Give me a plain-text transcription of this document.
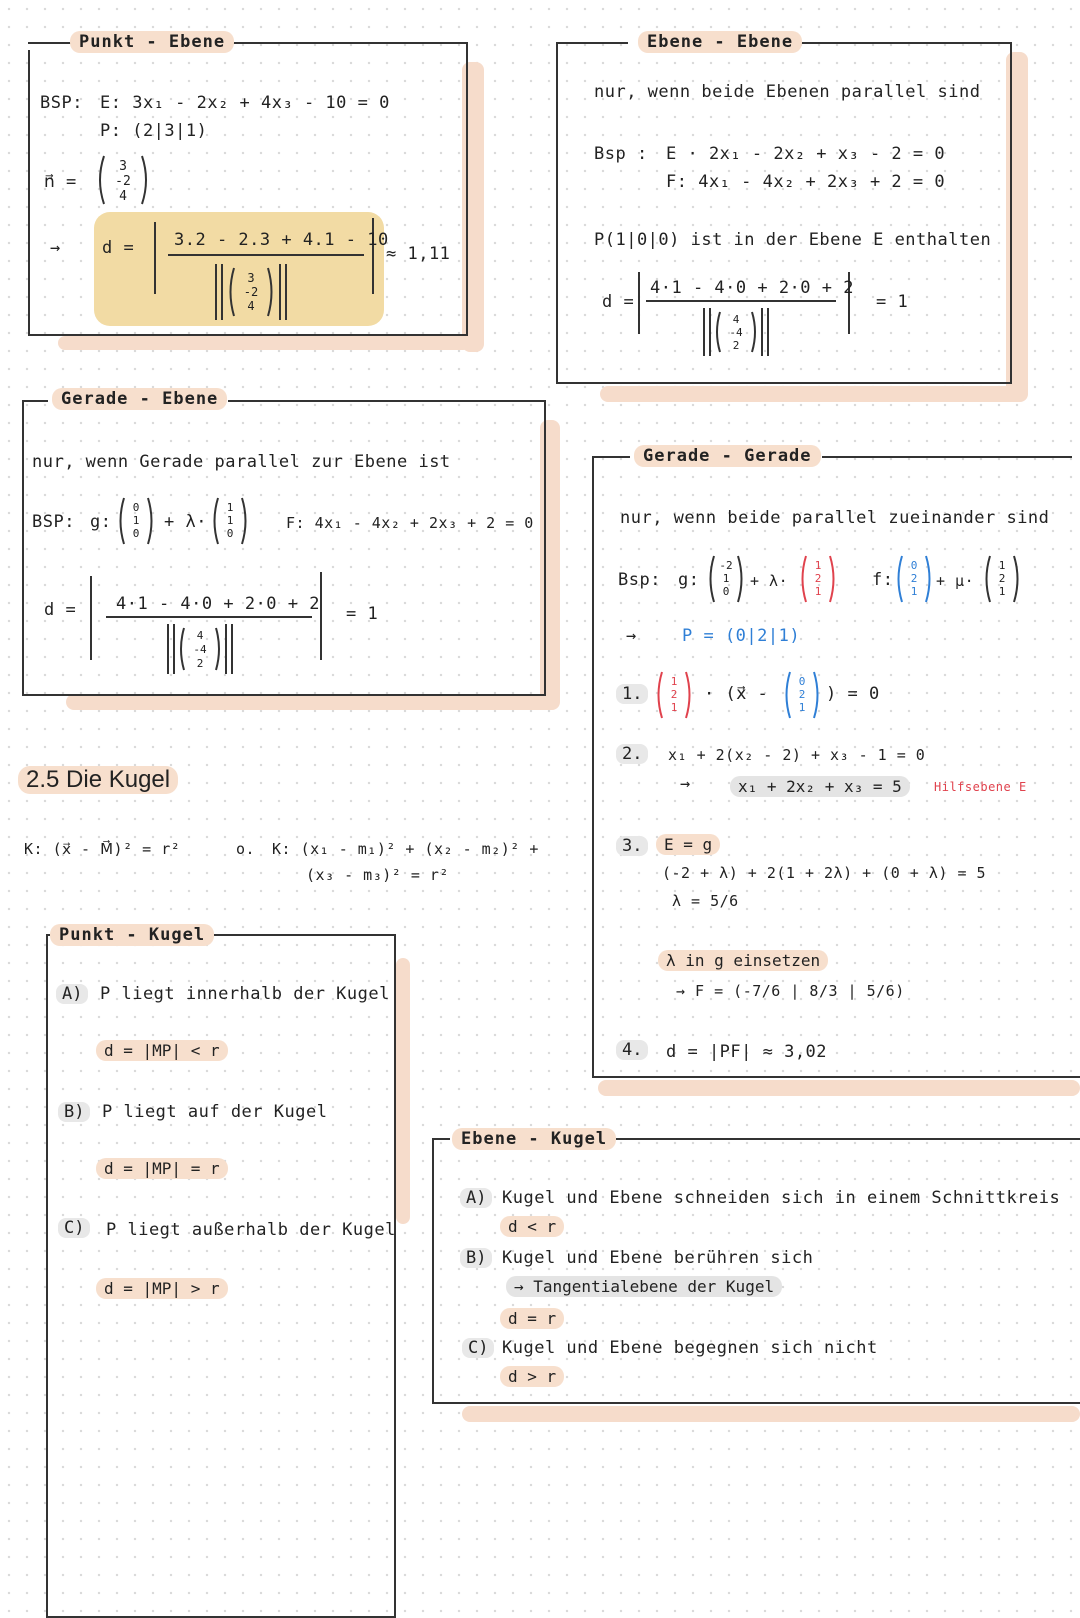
Punkt - Ebene
BSP: E: 3x₁ - 2x₂ + 4x₃ - 10 = 0
P: (2|3|1)
n⃗ =
3
-2
4
→ d = 3.2 - 2.3 + 4.1 - 10
3
-2
4
≈ 1,11
Ebene - Ebene
nur, wenn beide Ebenen parallel sind
Bsp : E · 2x₁ - 2x₂ + x₃ - 2 = 0
F: 4x₁ - 4x₂ + 2x₃ + 2 = 0
P(1|0|0) ist in der Ebene E enthalten
d =
4·1 - 4·0 + 2·0 + 2
4
-4
2
= 1
Gerade - Ebene
nur, wenn Gerade parallel zur Ebene ist
BSP: g:
0
1
0
+ λ·
1
1
0
F: 4x₁ - 4x₂ + 2x₃ + 2 = 0
d = 4·1 - 4·0 + 2·0 + 2
4
-4
2
= 1
Gerade - Gerade
nur, wenn beide parallel zueinander sind
Bsp: g:
-2
1
0
+ λ·
1
2
1
f:
0
2
1
+ μ·
1
2
1
P = (0|2|1)
→
1.
1
2
1
· (x⃗ -
0
2
1
) = 0
2.	x₁ + 2(x₂ - 2) + x₃ - 1 = 0
→	x₁ + 2x₂ + x₃ = 5	Hilfsebene E
3.	E = g
(-2 + λ) + 2(1 + 2λ) + (0 + λ) = 5
λ = 5/6
λ in g einsetzen
→ F = (-7/6 | 8/3 | 5/6)
4.	d = |PF| ≈ 3,02
2.5 Die Kugel
K: (x⃗ - M⃗)² = r²	o. K: (x₁ - m₁)² + (x₂ - m₂)² +
(x₃ - m₃)² = r²
Punkt - Kugel
A)	P liegt innerhalb der Kugel
d = |MP| < r
B)	P liegt auf der Kugel
d = |MP| = r
C)	P liegt außerhalb der Kugel
d = |MP| > r
Ebene - Kugel
A) Kugel und Ebene schneiden sich in einem Schnittkreis
d < r
B) Kugel und Ebene berühren sich
→ Tangentialebene der Kugel
d = r
C) Kugel und Ebene begegnen sich nicht
d > r
